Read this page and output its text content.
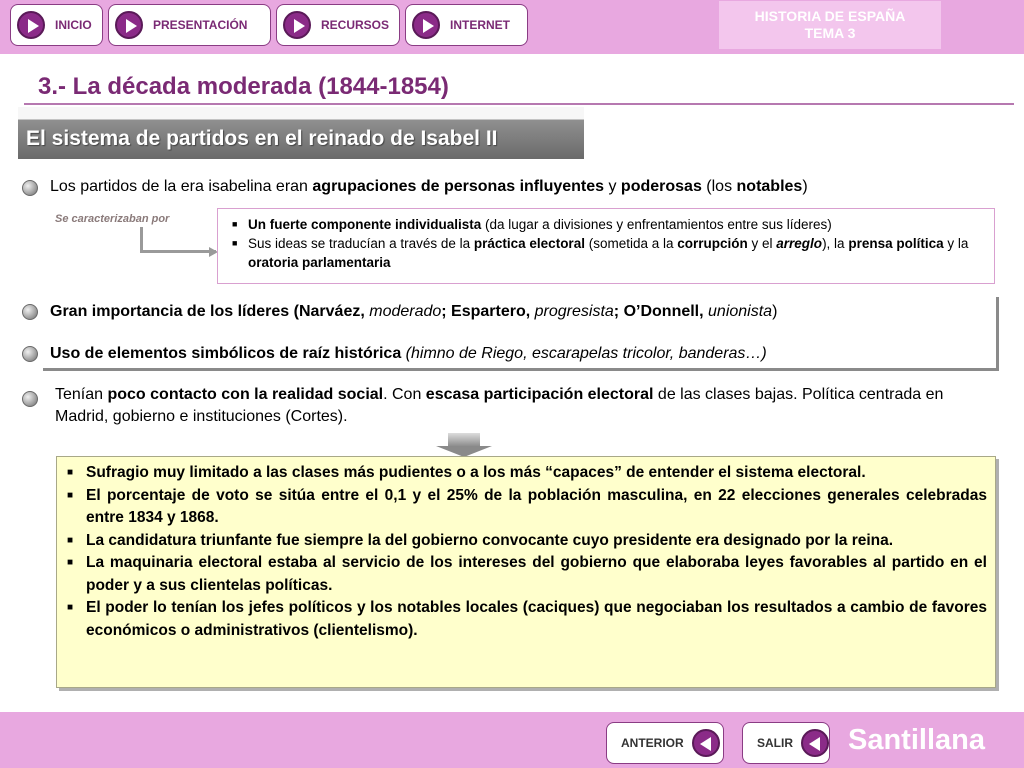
INICIO	PRESENTACIÓN	RECURSOS	INTERNET
HISTORIA DE ESPAÑA
TEMA 3
3.- La década moderada (1844-1854)
El sistema de partidos en el reinado de Isabel II
Los partidos de la era isabelina eran agrupaciones de personas influyentes y poderosas (los notables)
Se caracterizaban por
■	Un fuerte componente individualista (da lugar a divisiones y enfrentamientos entre sus líderes)
■ Sus ideas se traducían a través de la práctica electoral (sometida a la corrupción y el arreglo), la prensa política y la oratoria parlamentaria
Gran importancia de los líderes (Narváez, moderado; Espartero, progresista; O’Donnell, unionista)
Uso de elementos simbólicos de raíz histórica (himno de Riego, escarapelas tricolor, banderas…)
Tenían poco contacto con la realidad social. Con escasa participación electoral de las clases bajas. Política centrada en Madrid, gobierno e instituciones (Cortes).
■ Sufragio muy limitado a las clases más pudientes o a los más “capaces” de entender el sistema electoral.
■ El porcentaje de voto se sitúa entre el 0,1 y el 25% de la población masculina, en 22 elecciones generales celebradas entre 1834 y 1868.
■ La candidatura triunfante fue siempre la del gobierno convocante cuyo presidente era designado por la reina.
■ La maquinaria electoral estaba al servicio de los intereses del gobierno que elaboraba leyes favorables al partido en el poder y a sus clientelas políticas.
■ El poder lo tenían los jefes políticos y los notables locales (caciques) que negociaban los resultados a cambio de favores económicos o administrativos (clientelismo).
ANTERIOR	SALIR Santillana
